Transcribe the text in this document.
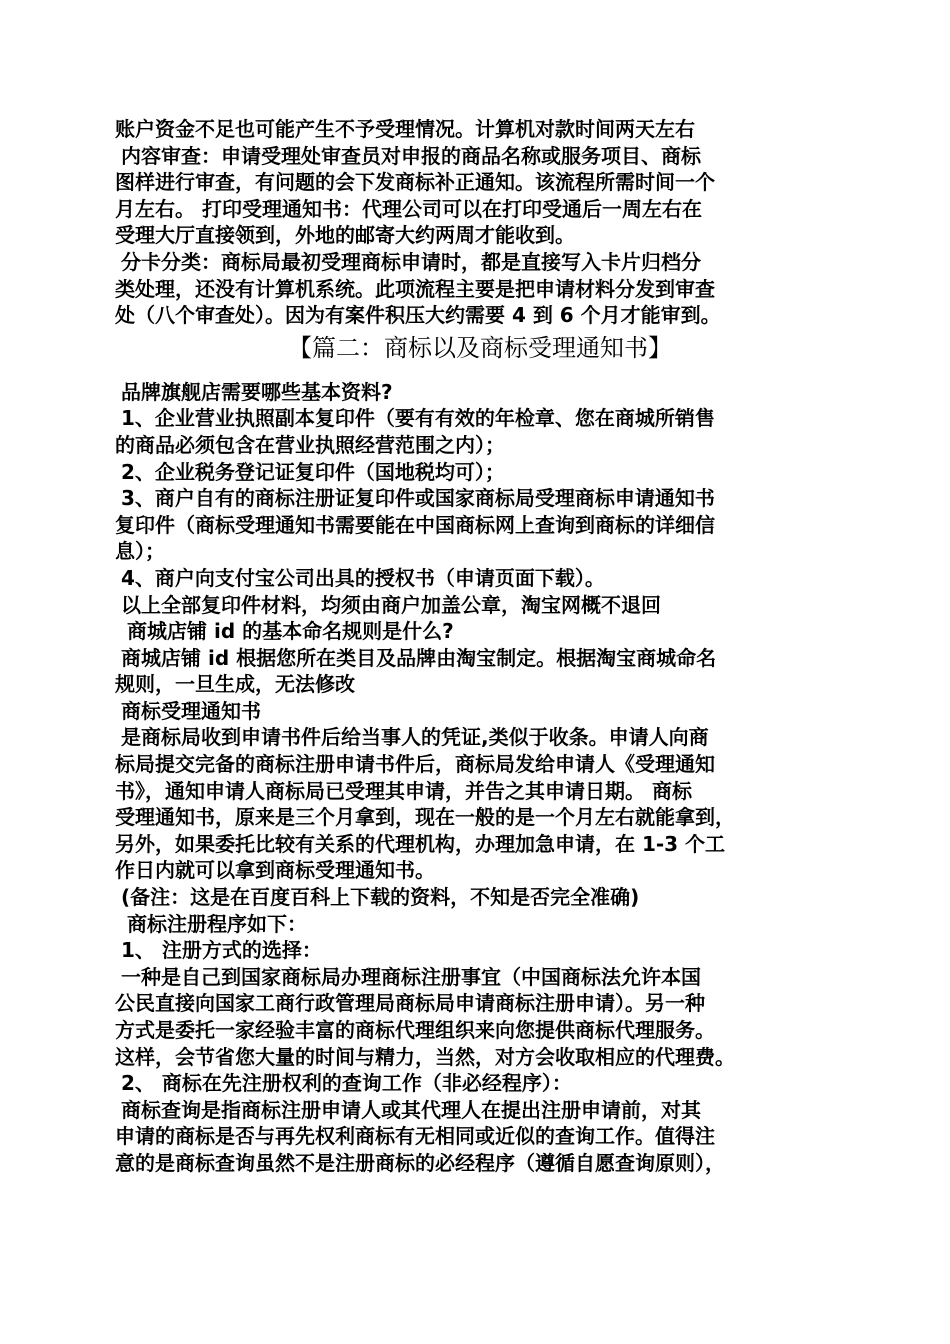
账户资金不足也可能产生不予受理情况。计算机对款时间两天左右
内容审查：申请受理处审查员对申报的商品名称或服务项目、商标
图样进行审查，有问题的会下发商标补正通知。该流程所需时间一个
月左右。 打印受理通知书：代理公司可以在打印受通后一周左右在
受理大厅直接领到，外地的邮寄大约两周才能收到。
分卡分类：商标局最初受理商标申请时，都是直接写入卡片归档分
类处理，还没有计算机系统。此项流程主要是把申请材料分发到审查
处（八个审查处）。因为有案件积压大约需要 4 到 6 个月才能审到。
【篇二：商标以及商标受理通知书】
品牌旗舰店需要哪些基本资料?
1、企业营业执照副本复印件（要有有效的年检章、您在商城所销售
的商品必须包含在营业执照经营范围之内）；
2、企业税务登记证复印件（国地税均可）；
3、商户自有的商标注册证复印件或国家商标局受理商标申请通知书
复印件（商标受理通知书需要能在中国商标网上查询到商标的详细信
息）；
4、商户向支付宝公司出具的授权书（申请页面下载）。
以上全部复印件材料，均须由商户加盖公章，淘宝网概不退回
商城店铺 id 的基本命名规则是什么?
商城店铺 id 根据您所在类目及品牌由淘宝制定。根据淘宝商城命名
规则，一旦生成，无法修改
商标受理通知书
是商标局收到申请书件后给当事人的凭证,类似于收条。申请人向商
标局提交完备的商标注册申请书件后，商标局发给申请人《受理通知
书》，通知申请人商标局已受理其申请，并告之其申请日期。 商标
受理通知书，原来是三个月拿到，现在一般的是一个月左右就能拿到，
另外，如果委托比较有关系的代理机构，办理加急申请，在 1-3 个工
作日内就可以拿到商标受理通知书。
(备注：这是在百度百科上下载的资料，不知是否完全准确)
商标注册程序如下：
1、 注册方式的选择：
一种是自己到国家商标局办理商标注册事宜（中国商标法允许本国
公民直接向国家工商行政管理局商标局申请商标注册申请）。另一种
方式是委托一家经验丰富的商标代理组织来向您提供商标代理服务。
这样，会节省您大量的时间与精力，当然，对方会收取相应的代理费。
2、 商标在先注册权利的查询工作（非必经程序）：
商标查询是指商标注册申请人或其代理人在提出注册申请前，对其
申请的商标是否与再先权利商标有无相同或近似的查询工作。值得注
意的是商标查询虽然不是注册商标的必经程序（遵循自愿查询原则），
